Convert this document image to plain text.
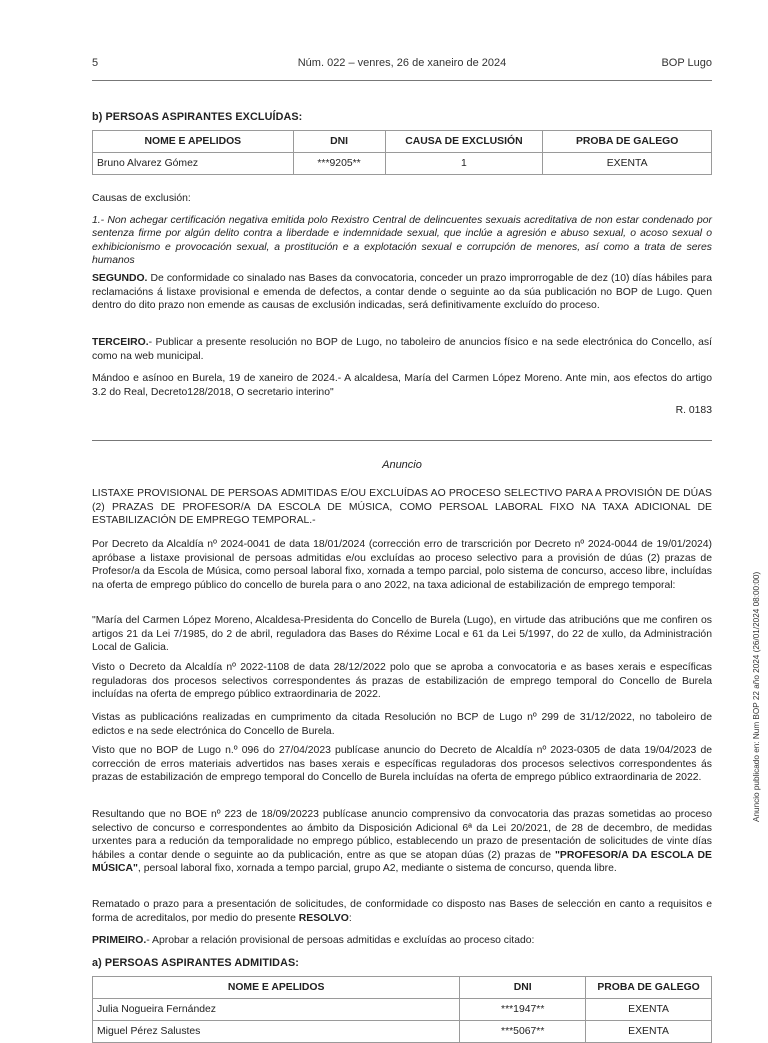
5	Núm. 022 – venres, 26 de xaneiro de 2024	BOP Lugo
b) PERSOAS ASPIRANTES EXCLUÍDAS:
NOME E APELIDOS	DNI	CAUSA DE EXCLUSIÓN	PROBA DE GALEGO
Bruno Alvarez Gómez	***9205**	1	EXENTA

Causas de exclusión:

1.- Non achegar certificación negativa emitida polo Rexistro Central de delincuentes sexuais acreditativa de non estar condenado por sentenza firme por algún delito contra a liberdade e indemnidade sexual, que inclúe a agresión e abuso sexual, o acoso sexual o exhibicionismo e provocación sexual, a prostitución e a explotación sexual e corrupción de menores, así como a trata de seres humanos

SEGUNDO. De conformidade co sinalado nas Bases da convocatoria, conceder un prazo improrrogable de dez (10) días hábiles para reclamacións á listaxe provisional e emenda de defectos, a contar dende o seguinte ao da súa publicación no BOP de Lugo. Quen dentro do dito prazo non emende as causas de exclusión indicadas, será definitivamente excluído do proceso.

TERCEIRO.- Publicar a presente resolución no BOP de Lugo, no taboleiro de anuncios físico e na sede electrónica do Concello, así como na web municipal.

Mándoo e asínoo en Burela, 19 de xaneiro de 2024.- A alcaldesa, María del Carmen López Moreno. Ante min, aos efectos do artigo 3.2 do Real, Decreto128/2018, O secretario interino"

R. 0183
Anuncio

LISTAXE PROVISIONAL DE PERSOAS ADMITIDAS E/OU EXCLUÍDAS AO PROCESO SELECTIVO PARA A PROVISIÓN DE DÚAS (2) PRAZAS DE PROFESOR/A DA ESCOLA DE MÚSICA, COMO PERSOAL LABORAL FIXO NA TAXA ADICIONAL DE ESTABILIZACIÓN DE EMPREGO TEMPORAL.-

Por Decreto da Alcaldía nº 2024-0041 de data 18/01/2024 (corrección erro de trarscrición por Decreto nº 2024-0044 de 19/01/2024) apróbase a listaxe provisional de persoas admitidas e/ou excluídas ao proceso selectivo para a provisión de dúas (2) prazas de Profesor/a da Escola de Música, como persoal laboral fixo, xornada a tempo parcial, polo sistema de concurso, acceso libre, incluídas na oferta de emprego público do concello de burela para o ano 2022, na taxa adicional de estabilización de emprego temporal:

"María del Carmen López Moreno, Alcaldesa-Presidenta do Concello de Burela (Lugo), en virtude das atribucións que me confiren os artigos 21 da Lei 7/1985, do 2 de abril, reguladora das Bases do Réxime Local e 61 da Lei 5/1997, do 22 de xullo, da Administración Local de Galicia.

Visto o Decreto da Alcaldía nº 2022-1108 de data 28/12/2022 polo que se aproba a convocatoria e as bases xerais e específicas reguladoras dos procesos selectivos correspondentes ás prazas de estabilización de emprego temporal do Concello de Burela incluídas na oferta de emprego público extraordinaria de 2022.

Vistas as publicacións realizadas en cumprimento da citada Resolución no BCP de Lugo nº 299 de 31/12/2022, no taboleiro de edictos e na sede electrónica do Concello de Burela.

Visto que no BOP de Lugo n.º 096 do 27/04/2023 publícase anuncio do Decreto de Alcaldía nº 2023-0305 de data 19/04/2023 de corrección de erros materiais advertidos nas bases xerais e específicas reguladoras dos procesos selectivos correspondentes ás prazas de estabilización de emprego temporal do Concello de Burela incluídas na oferta de emprego público extraordinaria de 2022.

Resultando que no BOE nº 223 de 18/09/20223 publícase anuncio comprensivo da convocatoria das prazas sometidas ao proceso selectivo de concurso e correspondentes ao ámbito da Disposición Adicional 6ª da Lei 20/2021, de 28 de decembro, de medidas urxentes para a redución da temporalidade no emprego público, establecendo un prazo de presentación de solicitudes de vinte días hábiles a contar dende o seguinte ao da publicación, entre as que se atopan dúas (2) prazas de "PROFESOR/A DA ESCOLA DE MÚSICA", persoal laboral fixo, xornada a tempo parcial, grupo A2, mediante o sistema de concurso, quenda libre.

Rematado o prazo para a presentación de solicitudes, de conformidade co disposto nas Bases de selección en canto a requisitos e forma de acreditalos, por medio do presente RESOLVO:

PRIMEIRO.- Aprobar a relación provisional de persoas admitidas e excluídas ao proceso citado:

a) PERSOAS ASPIRANTES ADMITIDAS:
NOME E APELIDOS	DNI	PROBA DE GALEGO
Julia Nogueira Fernández	***1947**	EXENTA
Miguel Pérez Salustes	***5067**	EXENTA
Anuncio publicado en: Num BOP 22 año 2024 (26/01/2024 08:00:00)
